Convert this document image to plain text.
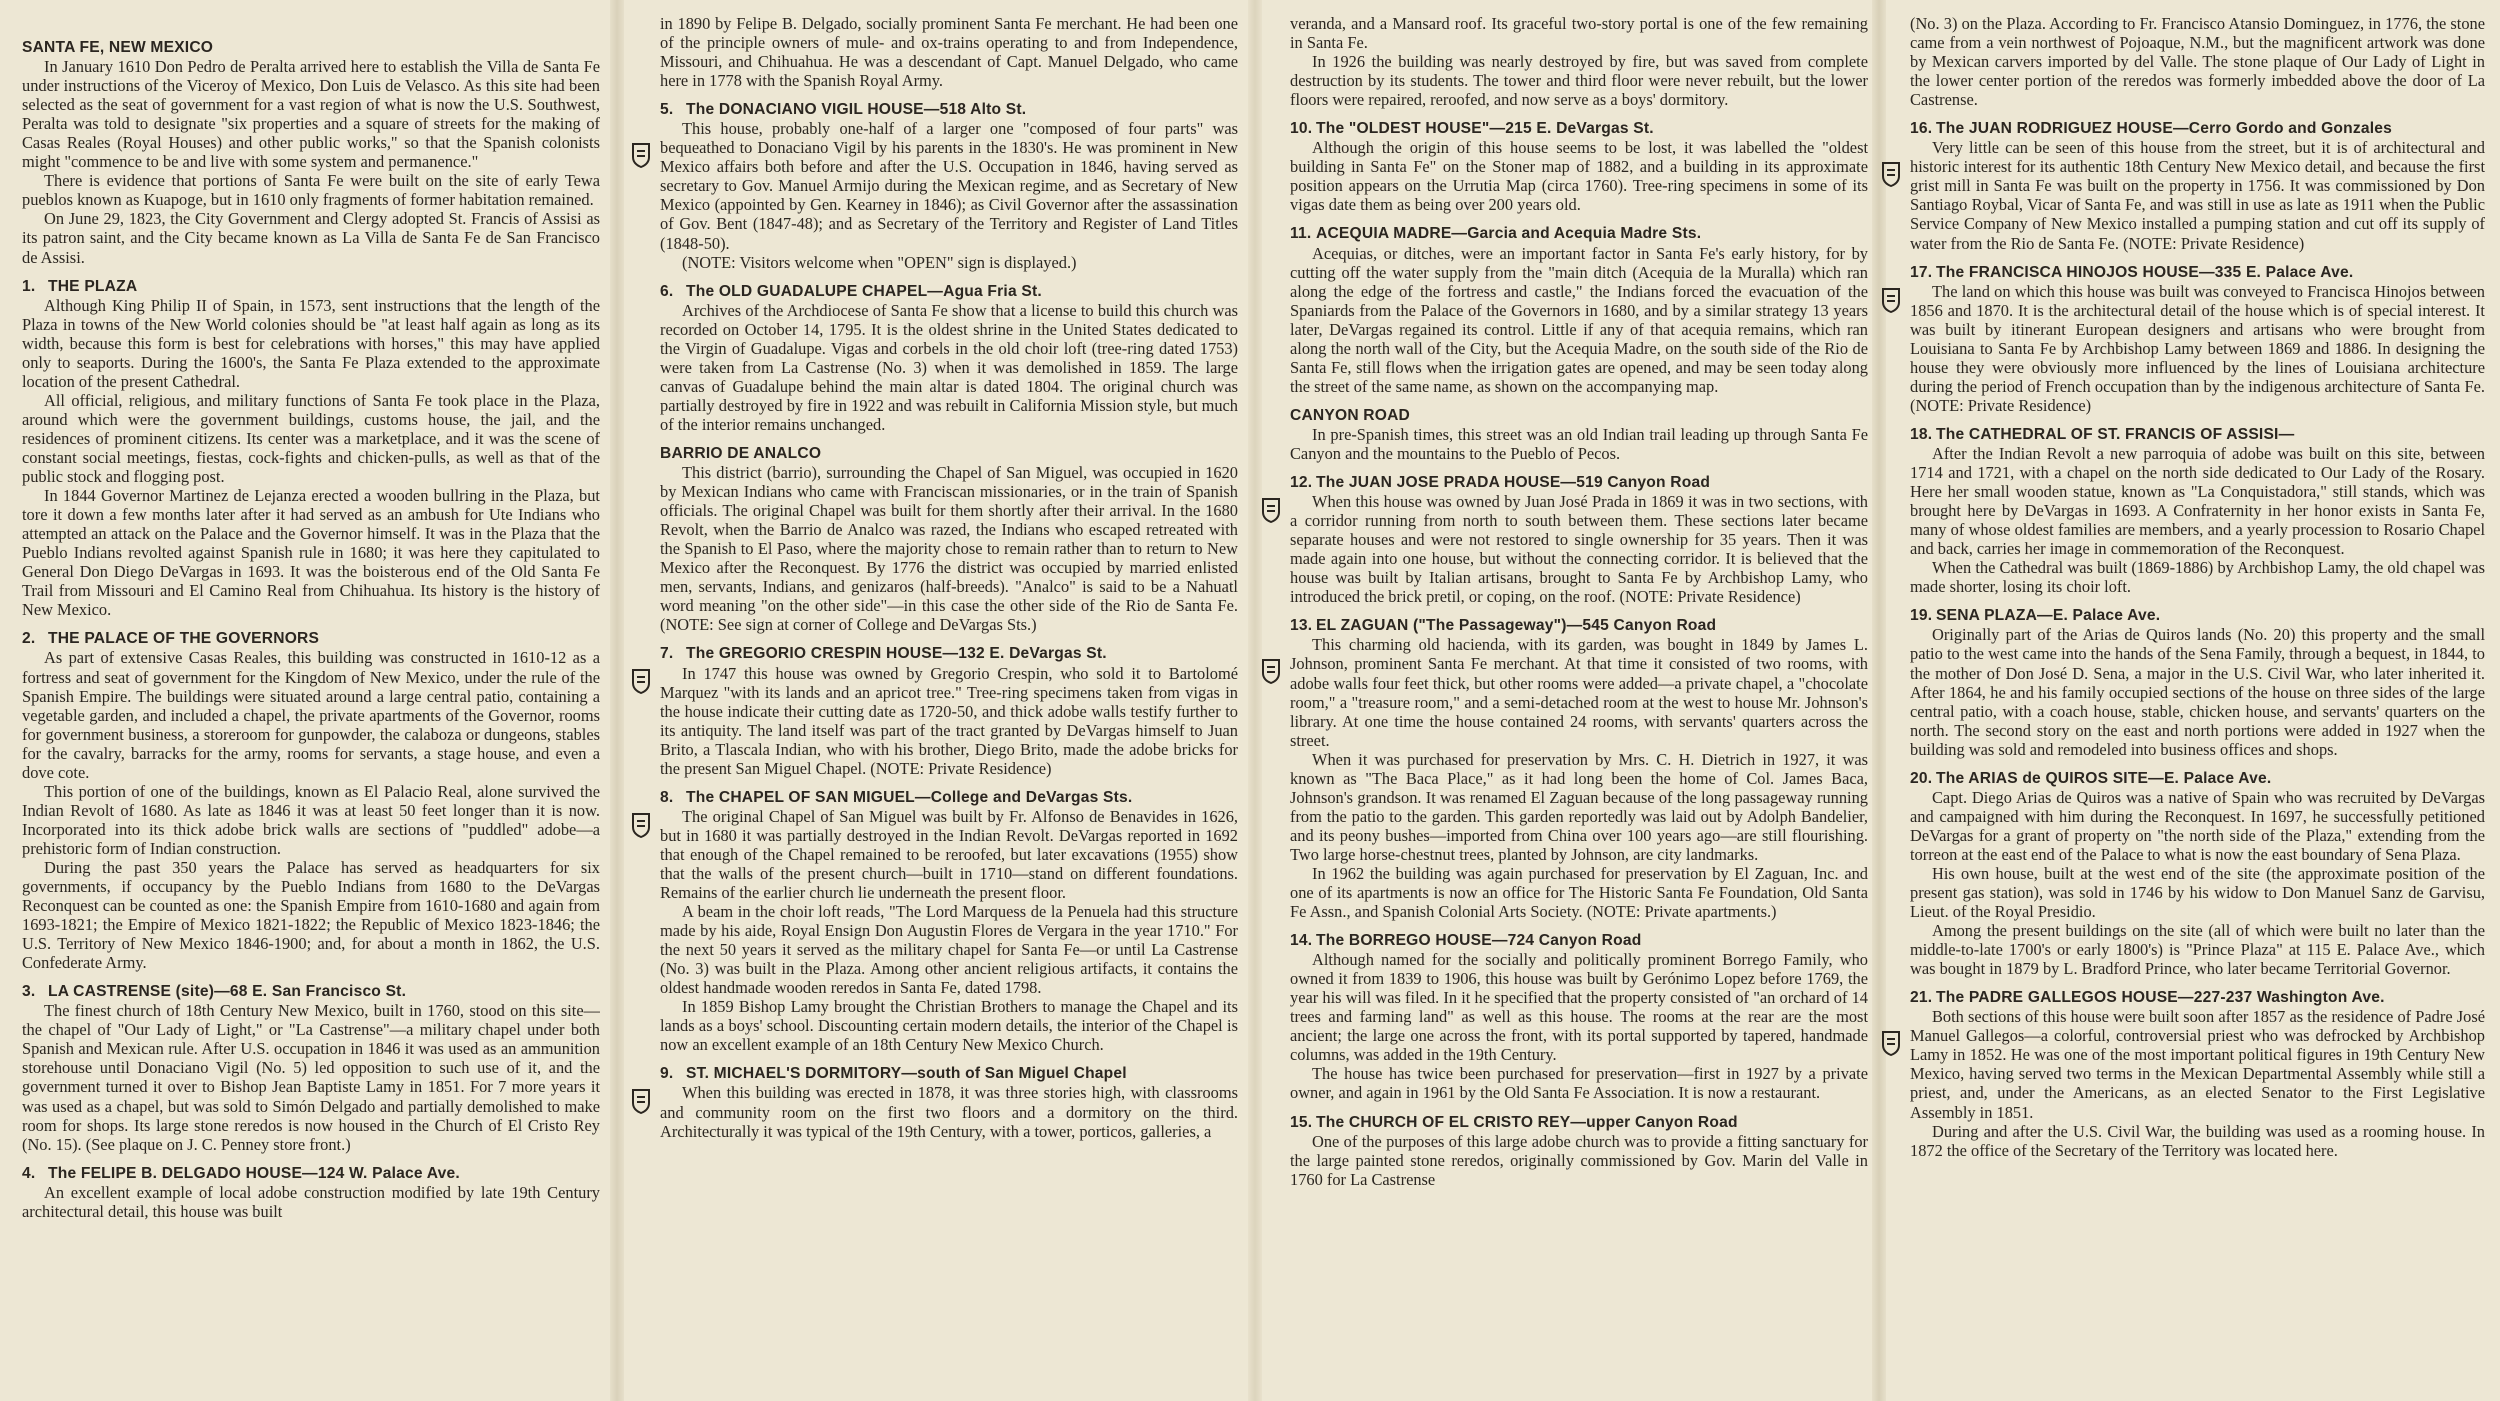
SANTA FE, NEW MEXICO

In January 1610 Don Pedro de Peralta arrived here to establish the Villa de Santa Fe under instructions of the Viceroy of Mexico, Don Luis de Velasco. As this site had been selected as the seat of government for a vast region of what is now the U.S. Southwest, Peralta was told to designate "six properties and a square of streets for the making of Casas Reales (Royal Houses) and other public works," so that the Spanish colonists might "commence to be and live with some system and permanence."

There is evidence that portions of Santa Fe were built on the site of early Tewa pueblos known as Kuapoge, but in 1610 only fragments of former habitation remained.

On June 29, 1823, the City Government and Clergy adopted St. Francis of Assisi as its patron saint, and the City became known as La Villa de Santa Fe de San Francisco de Assisi.

1. THE PLAZA

Although King Philip II of Spain, in 1573, sent instructions that the length of the Plaza in towns of the New World colonies should be "at least half again as long as its width, because this form is best for celebrations with horses," this may have applied only to seaports. During the 1600's, the Santa Fe Plaza extended to the approximate location of the present Cathedral.

All official, religious, and military functions of Santa Fe took place in the Plaza, around which were the government buildings, customs house, the jail, and the residences of prominent citizens. Its center was a marketplace, and it was the scene of constant social meetings, fiestas, cock-fights and chicken-pulls, as well as that of the public stock and flogging post.

In 1844 Governor Martinez de Lejanza erected a wooden bullring in the Plaza, but tore it down a few months later after it had served as an ambush for Ute Indians who attempted an attack on the Palace and the Governor himself. It was in the Plaza that the Pueblo Indians revolted against Spanish rule in 1680; it was here they capitulated to General Don Diego DeVargas in 1693. It was the boisterous end of the Old Santa Fe Trail from Missouri and El Camino Real from Chihuahua. Its history is the history of New Mexico.

2. THE PALACE OF THE GOVERNORS

As part of extensive Casas Reales, this building was constructed in 1610-12 as a fortress and seat of government for the Kingdom of New Mexico, under the rule of the Spanish Empire. The buildings were situated around a large central patio, containing a vegetable garden, and included a chapel, the private apartments of the Governor, rooms for government business, a storeroom for gunpowder, the calaboza or dungeons, stables for the cavalry, barracks for the army, rooms for servants, a stage house, and even a dove cote.

This portion of one of the buildings, known as El Palacio Real, alone survived the Indian Revolt of 1680. As late as 1846 it was at least 50 feet longer than it is now. Incorporated into its thick adobe brick walls are sections of "puddled" adobe—a prehistoric form of Indian construction.

During the past 350 years the Palace has served as headquarters for six governments, if occupancy by the Pueblo Indians from 1680 to the DeVargas Reconquest can be counted as one: the Spanish Empire from 1610-1680 and again from 1693-1821; the Empire of Mexico 1821-1822; the Republic of Mexico 1823-1846; the U.S. Territory of New Mexico 1846-1900; and, for about a month in 1862, the U.S. Confederate Army.

3. LA CASTRENSE (site)—68 E. San Francisco St.

The finest church of 18th Century New Mexico, built in 1760, stood on this site—the chapel of "Our Lady of Light," or "La Castrense"—a military chapel under both Spanish and Mexican rule. After U.S. occupation in 1846 it was used as an ammunition storehouse until Donaciano Vigil (No. 5) led opposition to such use of it, and the government turned it over to Bishop Jean Baptiste Lamy in 1851. For 7 more years it was used as a chapel, but was sold to Simón Delgado and partially demolished to make room for shops. Its large stone reredos is now housed in the Church of El Cristo Rey (No. 15). (See plaque on J. C. Penney store front.)

4. The FELIPE B. DELGADO HOUSE—124 W. Palace Ave.

An excellent example of local adobe construction modified by late 19th Century architectural detail, this house was built

in 1890 by Felipe B. Delgado, socially prominent Santa Fe merchant. He had been one of the principle owners of mule- and ox-trains operating to and from Independence, Missouri, and Chihuahua. He was a descendant of Capt. Manuel Delgado, who came here in 1778 with the Spanish Royal Army.

5. The DONACIANO VIGIL HOUSE—518 Alto St.

This house, probably one-half of a larger one "composed of four parts" was bequeathed to Donaciano Vigil by his parents in the 1830's. He was prominent in New Mexico affairs both before and after the U.S. Occupation in 1846, having served as secretary to Gov. Manuel Armijo during the Mexican regime, and as Secretary of New Mexico (appointed by Gen. Kearney in 1846); as Civil Governor after the assassination of Gov. Bent (1847-48); and as Secretary of the Territory and Register of Land Titles (1848-50).

(NOTE: Visitors welcome when "OPEN" sign is displayed.)

6. The OLD GUADALUPE CHAPEL—Agua Fria St.

Archives of the Archdiocese of Santa Fe show that a license to build this church was recorded on October 14, 1795. It is the oldest shrine in the United States dedicated to the Virgin of Guadalupe. Vigas and corbels in the old choir loft (tree-ring dated 1753) were taken from La Castrense (No. 3) when it was demolished in 1859. The large canvas of Guadalupe behind the main altar is dated 1804. The original church was partially destroyed by fire in 1922 and was rebuilt in California Mission style, but much of the interior remains unchanged.

BARRIO DE ANALCO

This district (barrio), surrounding the Chapel of San Miguel, was occupied in 1620 by Mexican Indians who came with Franciscan missionaries, or in the train of Spanish officials. The original Chapel was built for them shortly after their arrival. In the 1680 Revolt, when the Barrio de Analco was razed, the Indians who escaped retreated with the Spanish to El Paso, where the majority chose to remain rather than to return to New Mexico after the Reconquest. By 1776 the district was occupied by married enlisted men, servants, Indians, and genizaros (half-breeds). "Analco" is said to be a Nahuatl word meaning "on the other side"—in this case the other side of the Rio de Santa Fe. (NOTE: See sign at corner of College and DeVargas Sts.)

7. The GREGORIO CRESPIN HOUSE—132 E. DeVargas St.

In 1747 this house was owned by Gregorio Crespin, who sold it to Bartolomé Marquez "with its lands and an apricot tree." Tree-ring specimens taken from vigas in the house indicate their cutting date as 1720-50, and thick adobe walls testify further to its antiquity. The land itself was part of the tract granted by DeVargas himself to Juan Brito, a Tlascala Indian, who with his brother, Diego Brito, made the adobe bricks for the present San Miguel Chapel. (NOTE: Private Residence)

8. The CHAPEL OF SAN MIGUEL—College and DeVargas Sts.

The original Chapel of San Miguel was built by Fr. Alfonso de Benavides in 1626, but in 1680 it was partially destroyed in the Indian Revolt. DeVargas reported in 1692 that enough of the Chapel remained to be reroofed, but later excavations (1955) show that the walls of the present church—built in 1710—stand on different foundations. Remains of the earlier church lie underneath the present floor.

A beam in the choir loft reads, "The Lord Marquess de la Penuela had this structure made by his aide, Royal Ensign Don Augustin Flores de Vergara in the year 1710." For the next 50 years it served as the military chapel for Santa Fe—or until La Castrense (No. 3) was built in the Plaza. Among other ancient religious artifacts, it contains the oldest handmade wooden reredos in Santa Fe, dated 1798.

In 1859 Bishop Lamy brought the Christian Brothers to manage the Chapel and its lands as a boys' school. Discounting certain modern details, the interior of the Chapel is now an excellent example of an 18th Century New Mexico Church.

9. ST. MICHAEL'S DORMITORY—south of San Miguel Chapel

When this building was erected in 1878, it was three stories high, with classrooms and community room on the first two floors and a dormitory on the third. Architecturally it was typical of the 19th Century, with a tower, porticos, galleries, a

veranda, and a Mansard roof. Its graceful two-story portal is one of the few remaining in Santa Fe.

In 1926 the building was nearly destroyed by fire, but was saved from complete destruction by its students. The tower and third floor were never rebuilt, but the lower floors were repaired, reroofed, and now serve as a boys' dormitory.

10. The "OLDEST HOUSE"—215 E. DeVargas St.

Although the origin of this house seems to be lost, it was labelled the "oldest building in Santa Fe" on the Stoner map of 1882, and a building in its approximate position appears on the Urrutia Map (circa 1760). Tree-ring specimens in some of its vigas date them as being over 200 years old.

11. ACEQUIA MADRE—Garcia and Acequia Madre Sts.

Acequias, or ditches, were an important factor in Santa Fe's early history, for by cutting off the water supply from the "main ditch (Acequia de la Muralla) which ran along the edge of the fortress and castle," the Indians forced the evacuation of the Spaniards from the Palace of the Governors in 1680, and by a similar strategy 13 years later, DeVargas regained its control. Little if any of that acequia remains, which ran along the north wall of the City, but the Acequia Madre, on the south side of the Rio de Santa Fe, still flows when the irrigation gates are opened, and may be seen today along the street of the same name, as shown on the accompanying map.

CANYON ROAD

In pre-Spanish times, this street was an old Indian trail leading up through Santa Fe Canyon and the mountains to the Pueblo of Pecos.

12. The JUAN JOSE PRADA HOUSE—519 Canyon Road

When this house was owned by Juan José Prada in 1869 it was in two sections, with a corridor running from north to south between them. These sections later became separate houses and were not restored to single ownership for 35 years. Then it was made again into one house, but without the connecting corridor. It is believed that the house was built by Italian artisans, brought to Santa Fe by Archbishop Lamy, who introduced the brick pretil, or coping, on the roof. (NOTE: Private Residence)

13. EL ZAGUAN ("The Passageway")—545 Canyon Road

This charming old hacienda, with its garden, was bought in 1849 by James L. Johnson, prominent Santa Fe merchant. At that time it consisted of two rooms, with adobe walls four feet thick, but other rooms were added—a private chapel, a "chocolate room," a "treasure room," and a semi-detached room at the west to house Mr. Johnson's library. At one time the house contained 24 rooms, with servants' quarters across the street.

When it was purchased for preservation by Mrs. C. H. Dietrich in 1927, it was known as "The Baca Place," as it had long been the home of Col. James Baca, Johnson's grandson. It was renamed El Zaguan because of the long passageway running from the patio to the garden. This garden reportedly was laid out by Adolph Bandelier, and its peony bushes—imported from China over 100 years ago—are still flourishing. Two large horse-chestnut trees, planted by Johnson, are city landmarks.

In 1962 the building was again purchased for preservation by El Zaguan, Inc. and one of its apartments is now an office for The Historic Santa Fe Foundation, Old Santa Fe Assn., and Spanish Colonial Arts Society. (NOTE: Private apartments.)

14. The BORREGO HOUSE—724 Canyon Road

Although named for the socially and politically prominent Borrego Family, who owned it from 1839 to 1906, this house was built by Gerónimo Lopez before 1769, the year his will was filed. In it he specified that the property consisted of "an orchard of 14 trees and farming land" as well as this house. The rooms at the rear are the most ancient; the large one across the front, with its portal supported by tapered, handmade columns, was added in the 19th Century.

The house has twice been purchased for preservation—first in 1927 by a private owner, and again in 1961 by the Old Santa Fe Association. It is now a restaurant.

15. The CHURCH OF EL CRISTO REY—upper Canyon Road

One of the purposes of this large adobe church was to provide a fitting sanctuary for the large painted stone reredos, originally commissioned by Gov. Marin del Valle in 1760 for La Castrense

(No. 3) on the Plaza. According to Fr. Francisco Atansio Dominguez, in 1776, the stone came from a vein northwest of Pojoaque, N.M., but the magnificent artwork was done by Mexican carvers imported by del Valle. The stone plaque of Our Lady of Light in the lower center portion of the reredos was formerly imbedded above the door of La Castrense.

16. The JUAN RODRIGUEZ HOUSE—Cerro Gordo and Gonzales

Very little can be seen of this house from the street, but it is of architectural and historic interest for its authentic 18th Century New Mexico detail, and because the first grist mill in Santa Fe was built on the property in 1756. It was commissioned by Don Santiago Roybal, Vicar of Santa Fe, and was still in use as late as 1911 when the Public Service Company of New Mexico installed a pumping station and cut off its supply of water from the Rio de Santa Fe. (NOTE: Private Residence)

17. The FRANCISCA HINOJOS HOUSE—335 E. Palace Ave.

The land on which this house was built was conveyed to Francisca Hinojos between 1856 and 1870. It is the architectural detail of the house which is of special interest. It was built by itinerant European designers and artisans who were brought from Louisiana to Santa Fe by Archbishop Lamy between 1869 and 1886. In designing the house they were obviously more influenced by the lines of Louisiana architecture during the period of French occupation than by the indigenous architecture of Santa Fe. (NOTE: Private Residence)

18. The CATHEDRAL OF ST. FRANCIS OF ASSISI—

After the Indian Revolt a new parroquia of adobe was built on this site, between 1714 and 1721, with a chapel on the north side dedicated to Our Lady of the Rosary. Here her small wooden statue, known as "La Conquistadora," still stands, which was brought here by DeVargas in 1693. A Confraternity in her honor exists in Santa Fe, many of whose oldest families are members, and a yearly procession to Rosario Chapel and back, carries her image in commemoration of the Reconquest.

When the Cathedral was built (1869-1886) by Archbishop Lamy, the old chapel was made shorter, losing its choir loft.

19. SENA PLAZA—E. Palace Ave.

Originally part of the Arias de Quiros lands (No. 20) this property and the small patio to the west came into the hands of the Sena Family, through a bequest, in 1844, to the mother of Don José D. Sena, a major in the U.S. Civil War, who later inherited it. After 1864, he and his family occupied sections of the house on three sides of the large central patio, with a coach house, stable, chicken house, and servants' quarters on the north. The second story on the east and north portions were added in 1927 when the building was sold and remodeled into business offices and shops.

20. The ARIAS de QUIROS SITE—E. Palace Ave.

Capt. Diego Arias de Quiros was a native of Spain who was recruited by DeVargas and campaigned with him during the Reconquest. In 1697, he successfully petitioned DeVargas for a grant of property on "the north side of the Plaza," extending from the torreon at the east end of the Palace to what is now the east boundary of Sena Plaza.

His own house, built at the west end of the site (the approximate position of the present gas station), was sold in 1746 by his widow to Don Manuel Sanz de Garvisu, Lieut. of the Royal Presidio.

Among the present buildings on the site (all of which were built no later than the middle-to-late 1700's or early 1800's) is "Prince Plaza" at 115 E. Palace Ave., which was bought in 1879 by L. Bradford Prince, who later became Territorial Governor.

21. The PADRE GALLEGOS HOUSE—227-237 Washington Ave.

Both sections of this house were built soon after 1857 as the residence of Padre José Manuel Gallegos—a colorful, controversial priest who was defrocked by Archbishop Lamy in 1852. He was one of the most important political figures in 19th Century New Mexico, having served two terms in the Mexican Departmental Assembly while still a priest, and, under the Americans, as an elected Senator to the First Legislative Assembly in 1851.

During and after the U.S. Civil War, the building was used as a rooming house. In 1872 the office of the Secretary of the Territory was located here.
